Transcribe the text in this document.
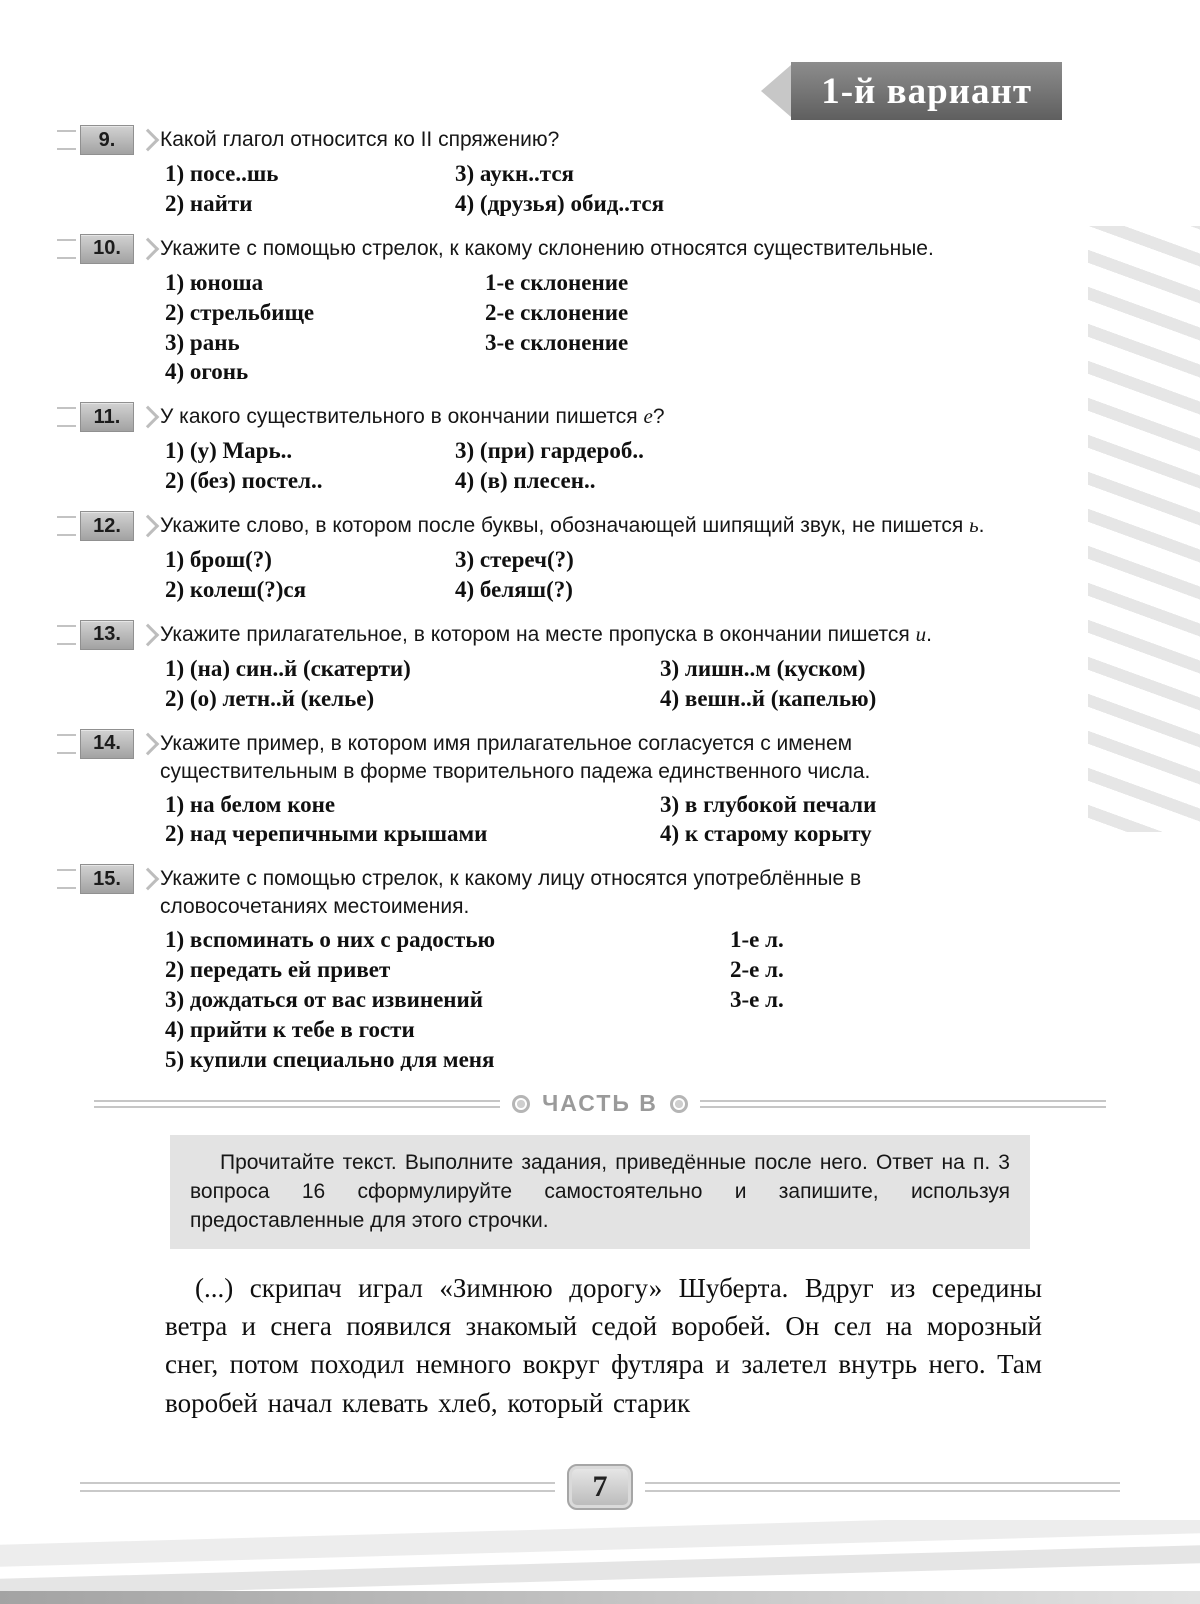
1-й вариант
9. Какой глагол относится ко II спряжению?

1) посе..шь
2) найти
3) аукн..тся
4) (друзья) обид..тся
10. Укажите с помощью стрелок, к какому склонению относятся существительные.

1) юноша
2) стрельбище
3) рань
4) огонь
1-е склонение
2-е склонение
3-е склонение
11. У какого существительного в окончании пишется е?

1) (у) Марь..
2) (без) постел..
3) (при) гардероб..
4) (в) плесен..
12. Укажите слово, в котором после буквы, обозначающей шипящий звук, не пишется ь.

1) брош(?)
2) колеш(?)ся
3) стереч(?)
4) беляш(?)
13. Укажите прилагательное, в котором на месте пропуска в окончании пишется и.

1) (на) син..й (скатерти)
2) (о) летн..й (келье)
3) лишн..м (куском)
4) вешн..й (капелью)
14. Укажите пример, в котором имя прилагательное согласуется с именем существительным в форме творительного падежа единственного числа.

1) на белом коне
2) над черепичными крышами
3) в глубокой печали
4) к старому корыту
15. Укажите с помощью стрелок, к какому лицу относятся употреблённые в словосочетаниях местоимения.

1) вспоминать о них с радостью
2) передать ей привет
3) дождаться от вас извинений
4) прийти к тебе в гости
5) купили специально для меня
1-е л.
2-е л.
3-е л.
ЧАСТЬ В
Прочитайте текст. Выполните задания, приведённые после него. Ответ на п. 3 вопроса 16 сформулируйте самостоятельно и запишите, используя предоставленные для этого строчки.

(...) скрипач играл «Зимнюю дорогу» Шуберта. Вдруг из середины ветра и снега появился знакомый седой воробей. Он сел на морозный снег, потом походил немного вокруг футляра и залетел внутрь него. Там воробей начал клевать хлеб, который старик

7
